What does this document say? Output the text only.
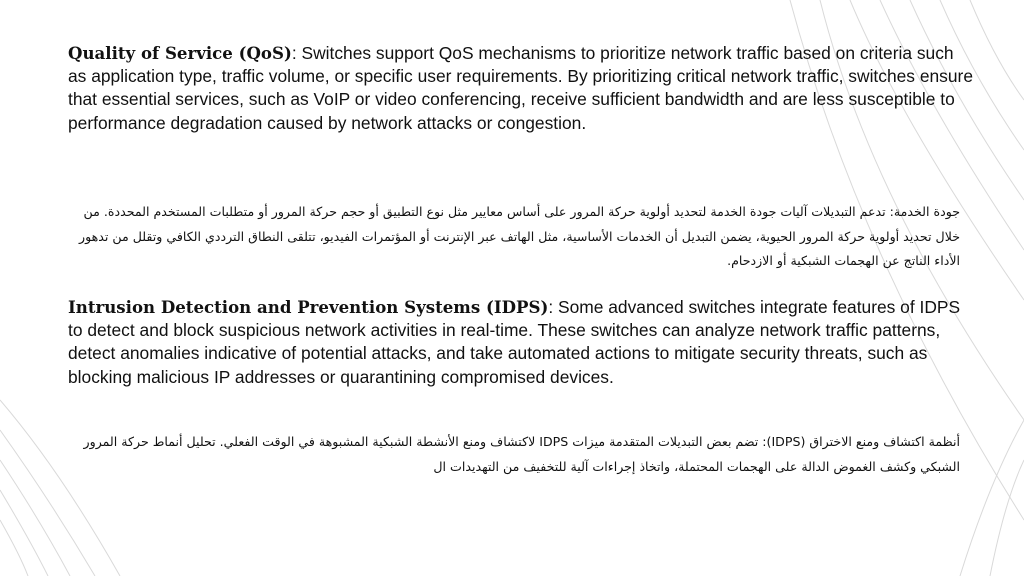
Quality of Service (QoS): Switches support QoS mechanisms to prioritize network traffic based on criteria such as application type, traffic volume, or specific user requirements. By prioritizing critical network traffic, switches ensure that essential services, such as VoIP or video conferencing, receive sufficient bandwidth and are less susceptible to performance degradation caused by network attacks or congestion.

جودة الخدمة: تدعم التبديلات آليات جودة الخدمة لتحديد أولوية حركة المرور على أساس معايير مثل نوع التطبيق أو حجم حركة المرور أو متطلبات المستخدم المحددة. من خلال تحديد أولوية حركة المرور الحيوية، يضمن التبديل أن الخدمات الأساسية، مثل الهاتف عبر الإنترنت أو المؤتمرات الفيديو، تتلقى النطاق الترددي الكافي وتقلل من تدهور الأداء الناتج عن الهجمات الشبكية أو الازدحام.

Intrusion Detection and Prevention Systems (IDPS): Some advanced switches integrate features of IDPS to detect and block suspicious network activities in real-time. These switches can analyze network traffic patterns, detect anomalies indicative of potential attacks, and take automated actions to mitigate security threats, such as blocking malicious IP addresses or quarantining compromised devices.

أنظمة اكتشاف ومنع الاختراق (IDPS): تضم بعض التبديلات المتقدمة ميزات IDPS لاكتشاف ومنع الأنشطة الشبكية المشبوهة في الوقت الفعلي. تحليل أنماط حركة المرور الشبكي وكشف الغموض الدالة على الهجمات المحتملة، واتخاذ إجراءات آلية للتخفيف من التهديدات ال
